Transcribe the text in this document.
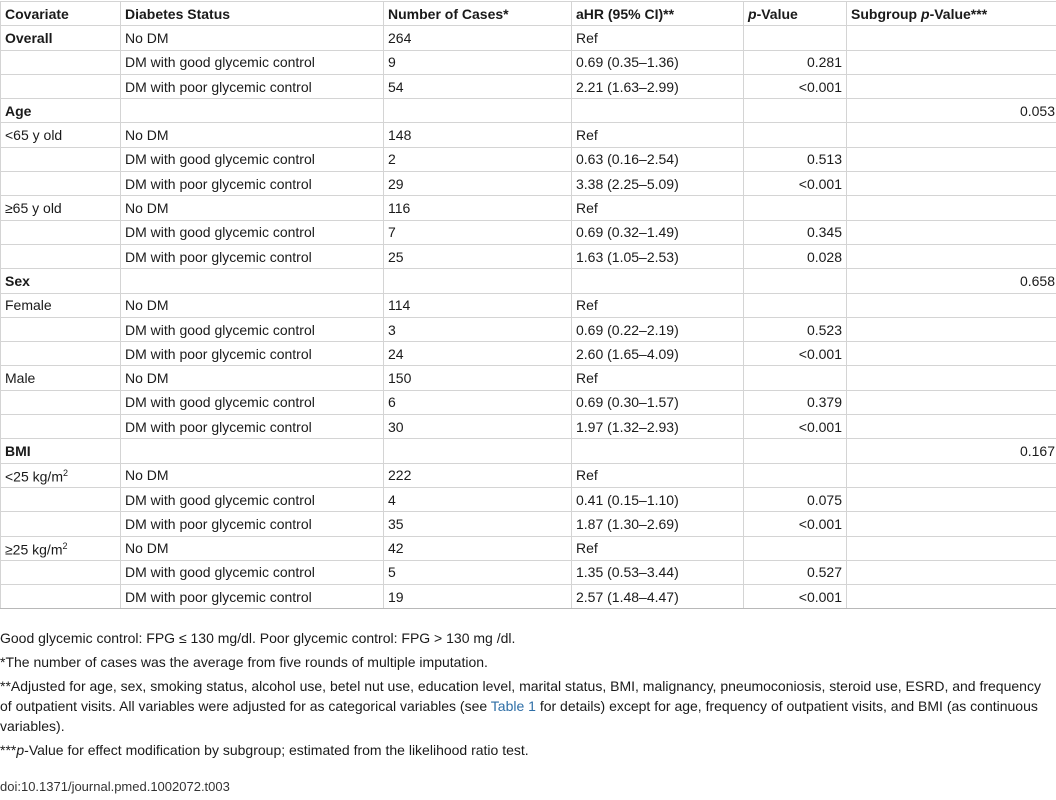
Covariate	Diabetes Status	Number of Cases*	aHR (95% CI)**	p-Value	Subgroup p-Value***
Overall	No DM	264	Ref		
	DM with good glycemic control	9	0.69 (0.35–1.36)	0.281	
	DM with poor glycemic control	54	2.21 (1.63–2.99)	<0.001	
Age					0.053
<65 y old	No DM	148	Ref		
	DM with good glycemic control	2	0.63 (0.16–2.54)	0.513	
	DM with poor glycemic control	29	3.38 (2.25–5.09)	<0.001	
≥65 y old	No DM	116	Ref		
	DM with good glycemic control	7	0.69 (0.32–1.49)	0.345	
	DM with poor glycemic control	25	1.63 (1.05–2.53)	0.028	
Sex					0.658
Female	No DM	114	Ref		
	DM with good glycemic control	3	0.69 (0.22–2.19)	0.523	
	DM with poor glycemic control	24	2.60 (1.65–4.09)	<0.001	
Male	No DM	150	Ref		
	DM with good glycemic control	6	0.69 (0.30–1.57)	0.379	
	DM with poor glycemic control	30	1.97 (1.32–2.93)	<0.001	
BMI					0.167
<25 $kg/m^2$	No DM	222	Ref		
	DM with good glycemic control	4	0.41 (0.15–1.10)	0.075	
	DM with poor glycemic control	35	1.87 (1.30–2.69)	<0.001	
≥25 $kg/m^2$	No DM	42	Ref		
	DM with good glycemic control	5	1.35 (0.53–3.44)	0.527	
	DM with poor glycemic control	19	2.57 (1.48–4.47)	<0.001	

Good glycemic control: FPG ≤ 130 mg/dl. Poor glycemic control: FPG > 130 mg /dl.

*The number of cases was the average from five rounds of multiple imputation.

**Adjusted for age, sex, smoking status, alcohol use, betel nut use, education level, marital status, BMI, malignancy, pneumoconiosis, steroid use, ESRD, and frequency of outpatient visits. All variables were adjusted for as categorical variables (see Table 1 for details) except for age, frequency of outpatient visits, and BMI (as continuous variables).

***p-Value for effect modification by subgroup; estimated from the likelihood ratio test.

doi:10.1371/journal.pmed.1002072.t003
